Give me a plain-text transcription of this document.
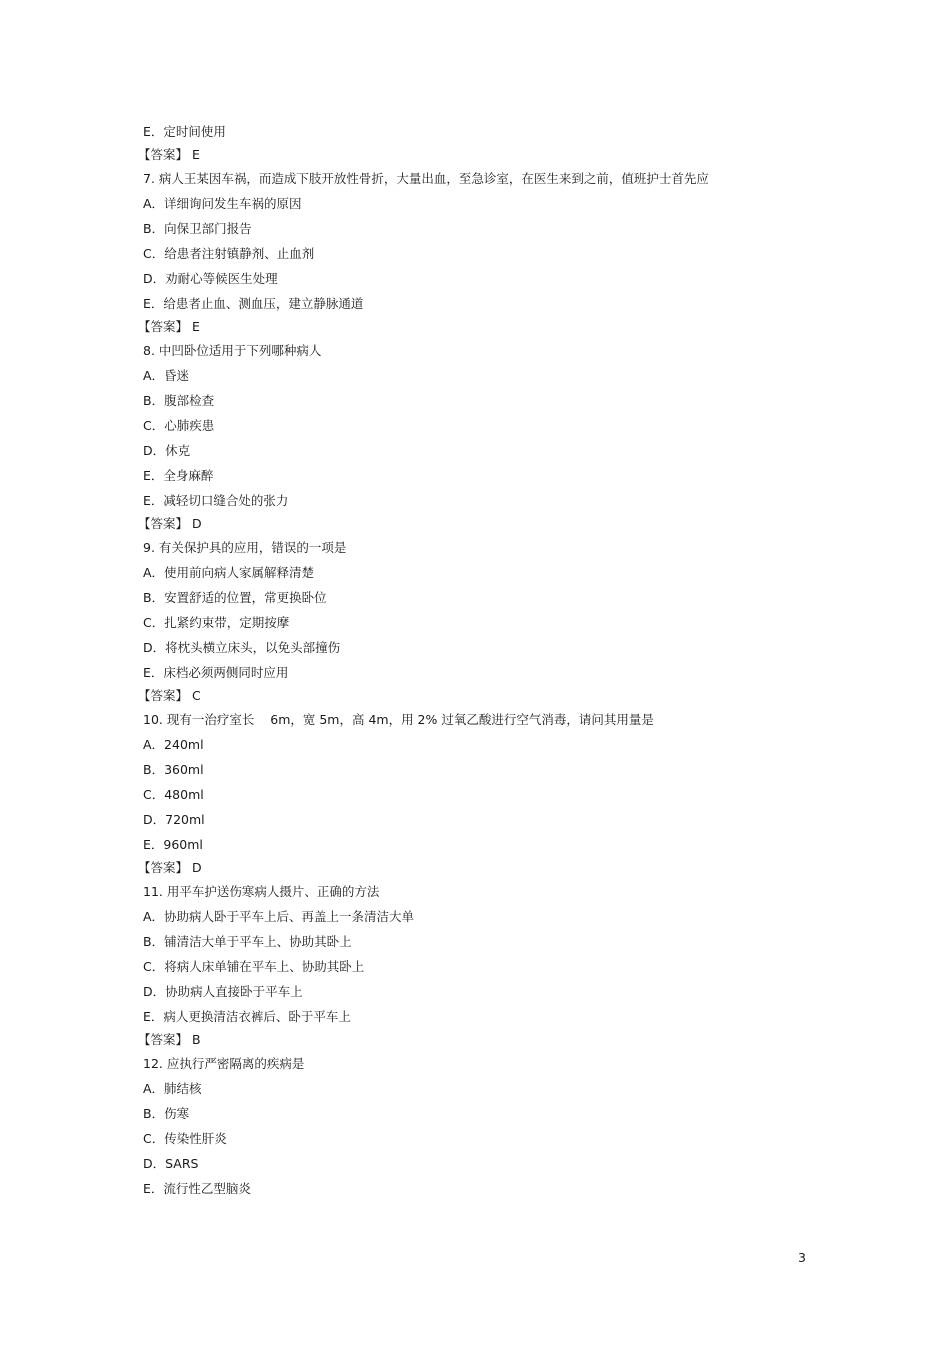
E．定时间使用
【答案】 E
7. 病人王某因车祸，而造成下肢开放性骨折，大量出血，至急诊室，在医生来到之前，值班护士首先应
A．详细询问发生车祸的原因
B．向保卫部门报告
C．给患者注射镇静剂、止血剂
D．劝耐心等候医生处理
E．给患者止血、测血压，建立静脉通道
【答案】 E
8. 中凹卧位适用于下列哪种病人
A．昏迷
B．腹部检查
C．心肺疾患
D．休克
E．全身麻醉
E．减轻切口缝合处的张力
【答案】 D
9. 有关保护具的应用，错误的一项是
A．使用前向病人家属解释清楚
B．安置舒适的位置，常更换卧位
C．扎紧约束带，定期按摩
D．将枕头横立床头，以免头部撞伤
E．床档必须两侧同时应用
【答案】 C
10. 现有一治疗室长    6m，宽 5m，高 4m，用 2% 过氧乙酸进行空气消毒，请问其用量是
A．240ml
B．360ml
C．480ml
D．720ml
E．960ml
【答案】 D
11. 用平车护送伤寒病人摄片、正确的方法
A．协助病人卧于平车上后、再盖上一条清洁大单
B．铺清洁大单于平车上、协助其卧上
C．将病人床单铺在平车上、协助其卧上
D．协助病人直接卧于平车上
E．病人更换清洁衣裤后、卧于平车上
【答案】 B
12. 应执行严密隔离的疾病是
A．肺结核
B．伤寒
C．传染性肝炎
D．SARS
E．流行性乙型脑炎
3
